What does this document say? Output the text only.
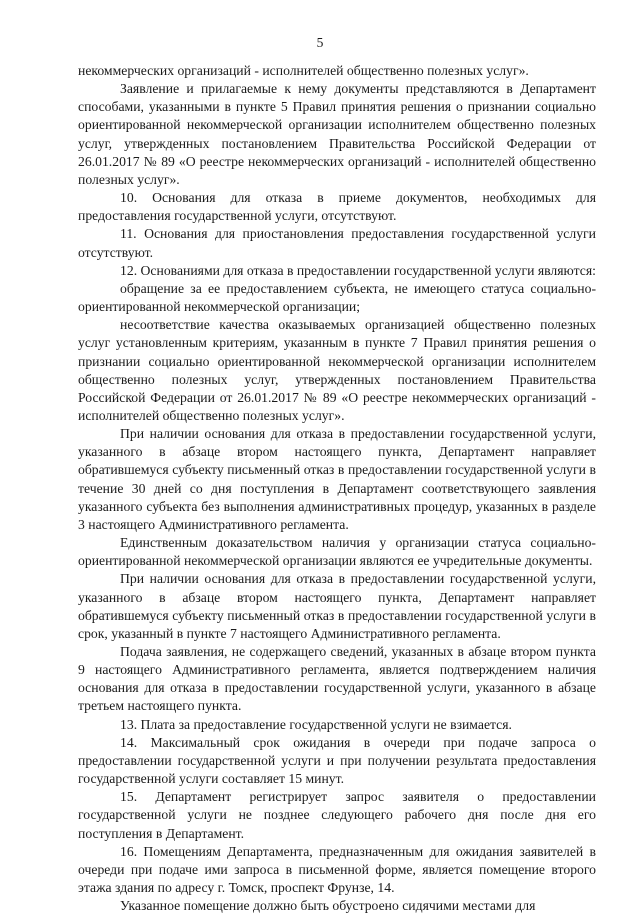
5

некоммерческих организаций - исполнителей общественно полезных услуг».

Заявление и прилагаемые к нему документы представляются в Департамент способами, указанными в пункте 5 Правил принятия решения о признании социально ориентированной некоммерческой организации исполнителем общественно полезных услуг, утвержденных постановлением Правительства Российской Федерации от 26.01.2017 № 89 «О реестре некоммерческих организаций - исполнителей общественно полезных услуг».

10. Основания для отказа в приеме документов, необходимых для предоставления государственной услуги, отсутствуют.

11. Основания для приостановления предоставления государственной услуги отсутствуют.

12. Основаниями для отказа в предоставлении государственной услуги являются:

обращение за ее предоставлением субъекта, не имеющего статуса социально-ориентированной некоммерческой организации;

несоответствие качества оказываемых организацией общественно полезных услуг установленным критериям, указанным в пункте 7 Правил принятия решения о признании социально ориентированной некоммерческой организации исполнителем общественно полезных услуг, утвержденных постановлением Правительства Российской Федерации от 26.01.2017 № 89 «О реестре некоммерческих организаций - исполнителей общественно полезных услуг».

При наличии основания для отказа в предоставлении государственной услуги, указанного в абзаце втором настоящего пункта, Департамент направляет обратившемуся субъекту письменный отказ в предоставлении государственной услуги в течение 30 дней со дня поступления в Департамент соответствующего заявления указанного субъекта без выполнения административных процедур, указанных в разделе 3 настоящего Административного регламента.

Единственным доказательством наличия у организации статуса социально-ориентированной некоммерческой организации являются ее учредительные документы.

При наличии основания для отказа в предоставлении государственной услуги, указанного в абзаце втором настоящего пункта, Департамент направляет обратившемуся субъекту письменный отказ в предоставлении государственной услуги в срок, указанный в пункте 7 настоящего Административного регламента.

Подача заявления, не содержащего сведений, указанных в абзаце втором пункта 9 настоящего Административного регламента, является подтверждением наличия основания для отказа в предоставлении государственной услуги, указанного в абзаце третьем настоящего пункта.

13. Плата за предоставление государственной услуги не взимается.

14. Максимальный срок ожидания в очереди при подаче запроса о предоставлении государственной услуги и при получении результата предоставления государственной услуги составляет 15 минут.

15. Департамент регистрирует запрос заявителя о предоставлении государственной услуги не позднее следующего рабочего дня после дня его поступления в Департамент.

16. Помещениям Департамента, предназначенным для ожидания заявителей в очереди при подаче ими запроса в письменной форме, является помещение второго этажа здания по адресу г. Томск, проспект Фрунзе, 14.

Указанное помещение должно быть обустроено сидячими местами для
